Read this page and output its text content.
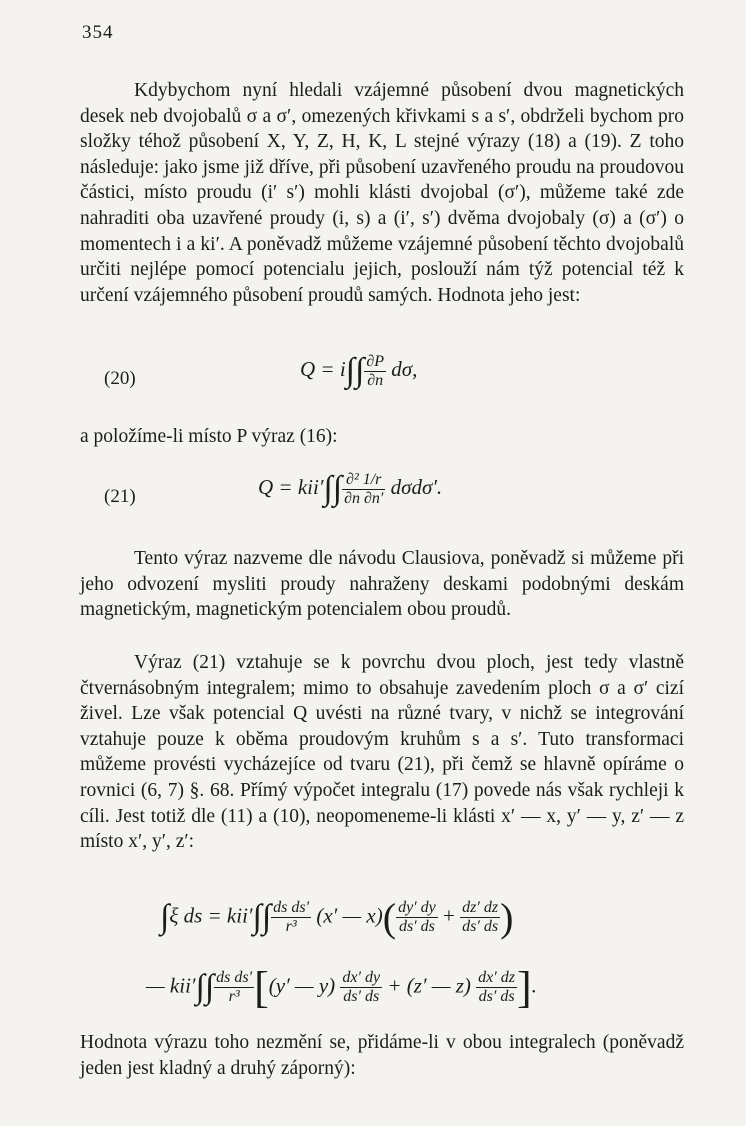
354

Kdybychom nyní hledali vzájemné působení dvou magnetických desek neb dvojobalů σ a σ′, omezených křivkami s a s′, obdrželi bychom pro složky téhož působení X, Y, Z, H, K, L stejné výrazy (18) a (19). Z toho následuje: jako jsme již dříve, při působení uzavřeného proudu na proudovou částici, místo proudu (i′ s′) mohli klásti dvojobal (σ′), můžeme také zde nahraditi oba uzavřené proudy (i, s) a (i′, s′) dvěma dvojobaly (σ) a (σ′) o momentech i a ki′. A poněvadž můžeme vzájemné působení těchto dvojobalů určiti nejlépe pomocí potencialu jejich, poslouží nám týž potencial též k určení vzájemného působení proudů samých. Hodnota jeho jest:

(20)	$Q = i\int\int \frac{\partial P}{\partial n} d\sigma$,

a položíme-li místo P výraz (16):

(21)	$Q = kii'\int\int \frac{\text{∂² 1/r}}{\partial n \partial n'} d\sigma d\sigma'$.

Tento výraz nazveme dle návodu Clausiova, poněvadž si můžeme při jeho odvození mysliti proudy nahraženy deskami podobnými deskám magnetickým, magnetickým potencialem obou proudů.

Výraz (21) vztahuje se k povrchu dvou ploch, jest tedy vlastně čtvernásobným integralem; mimo to obsahuje zavedením ploch σ a σ′ cizí živel. Lze však potencial Q uvésti na různé tvary, v nichž se integrování vztahuje pouze k oběma proudovým kruhům s a s′. Tuto transformaci můžeme provésti vycházejíce od tvaru (21), při čemž se hlavně opíráme o rovnici (6, 7) §. 68. Přímý výpočet integralu (17) povede nás však rychleji k cíli. Jest totiž dle (11) a (10), neopomeneme-li klásti x′ — x, y′ — y, z′ — z místo x′, y′, z′:

∫ξ ds = $kii'\int\int \frac{\text{ds ds′}}{\text{r³}} (x'$ — $x)( \frac{dy' dy}{ds' ds} + \frac{dz' dz}{ds' ds}$ )
— $kii'\int\int \frac{\text{ds ds′}}{\text{r³}} [(y'$ — $y) \frac{dx' dy}{ds' ds} + (z'$ — $z) \frac{dx' dz}{ds' ds}$ ].

Hodnota výrazu toho nezmění se, přidáme-li v obou integralech (poněvadž jeden jest kladný a druhý záporný):
